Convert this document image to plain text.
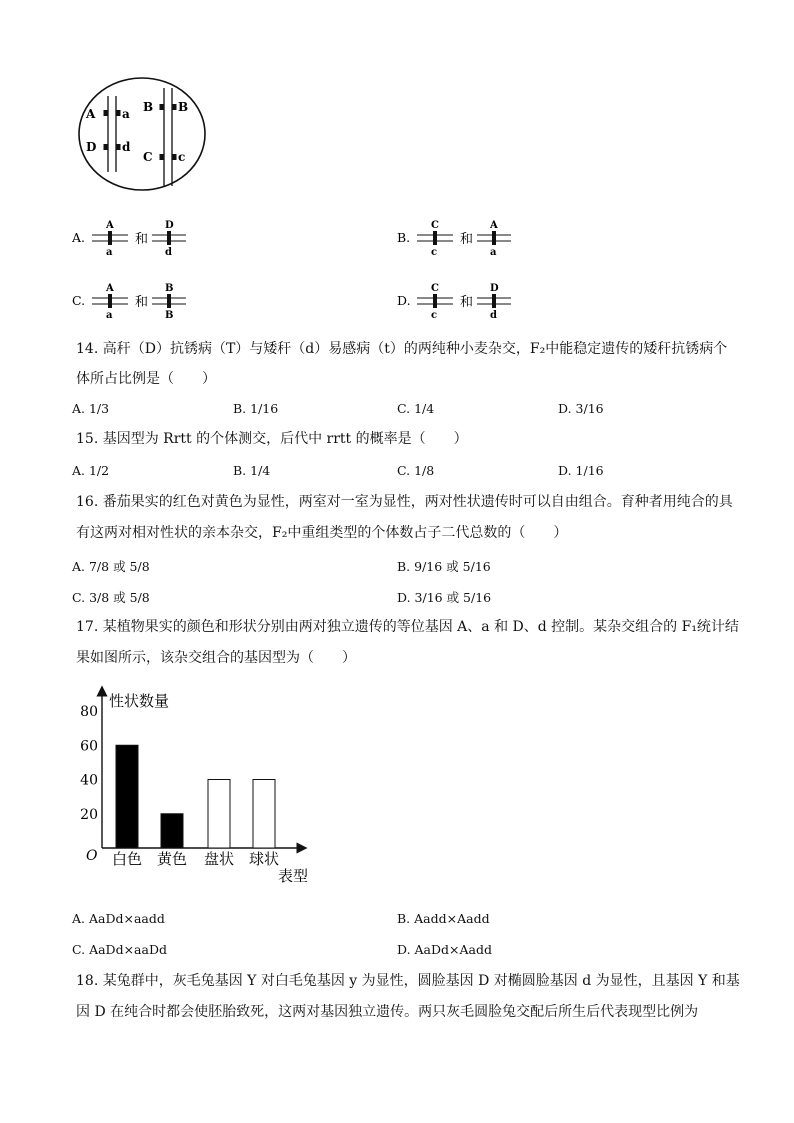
A a
D d
B B
C c
A.
A
a
和
D
d
B.
C
c
和
A
a
C.
A
a
和
B
B
D.
C
c
和
D
d
14. 高秆（D）抗锈病（T）与矮秆（d）易感病（t）的两纯种小麦杂交，F₂中能稳定遗传的矮秆抗锈病个
体所占比例是（　　）
A. 1/3	B. 1/16	C. 1/4	D. 3/16
15. 基因型为 Rrtt 的个体测交，后代中 rrtt 的概率是（　　）
A. 1/2	B. 1/4	C. 1/8	D. 1/16
16. 番茄果实的红色对黄色为显性，两室对一室为显性，两对性状遗传时可以自由组合。育种者用纯合的具
有这两对相对性状的亲本杂交，F₂中重组类型的个体数占子二代总数的（　　）
A. 7/8 或 5/8	B. 9/16 或 5/16
C. 3/8 或 5/8	D. 3/16 或 5/16
17. 某植物果实的颜色和形状分别由两对独立遗传的等位基因 A、a 和 D、d 控制。某杂交组合的 F₁统计结
果如图所示，该杂交组合的基因型为（　　）
性状数量
O
表型
20
40
60
80
白色 黄色 盘状 球状
A. AaDd×aadd	B. Aadd×Aadd
C. AaDd×aaDd	D. AaDd×Aadd
18. 某兔群中，灰毛兔基因 Y 对白毛兔基因 y 为显性，圆脸基因 D 对椭圆脸基因 d 为显性，且基因 Y 和基
因 D 在纯合时都会使胚胎致死，这两对基因独立遗传。两只灰毛圆脸兔交配后所生后代表现型比例为
